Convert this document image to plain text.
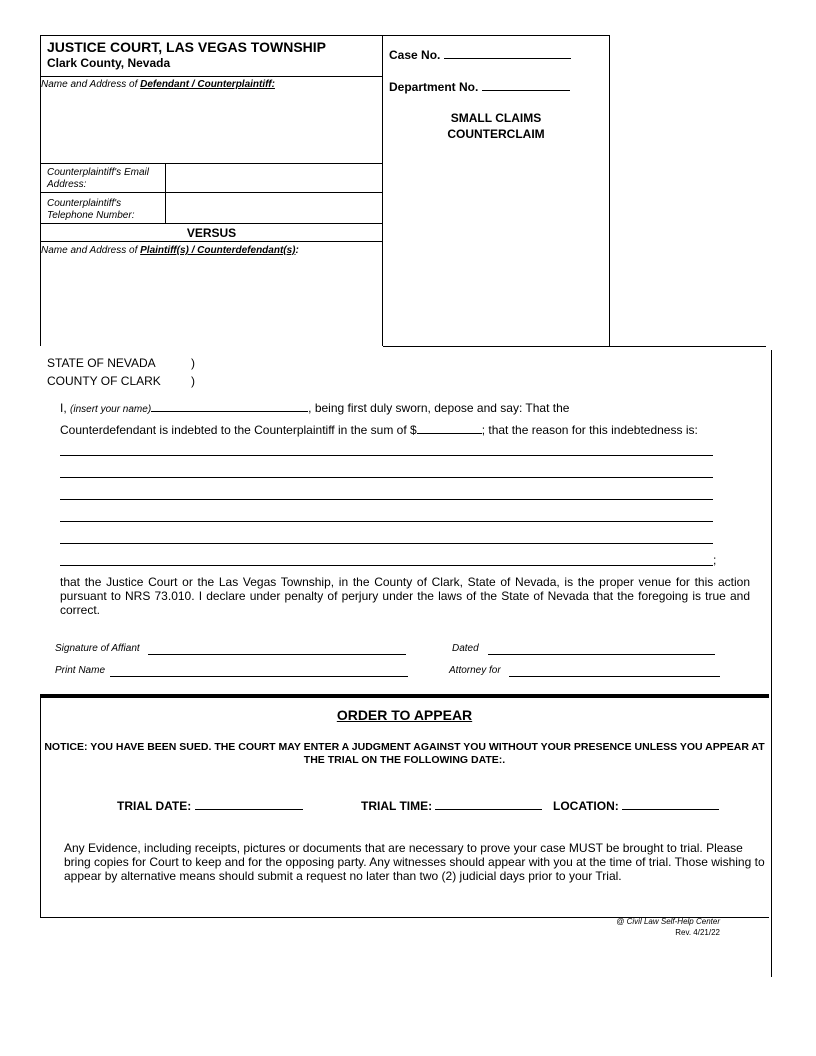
JUSTICE COURT, LAS VEGAS TOWNSHIP
Clark County, Nevada
Name and Address of Defendant / Counterplaintiff:
Counterplaintiff's Email Address:
Counterplaintiff's Telephone Number:
VERSUS
Name and Address of Plaintiff(s) / Counterdefendant(s):
Case No.
Department No.
SMALL CLAIMS
COUNTERCLAIM
STATE OF NEVADA	)
COUNTY OF CLARK	)
I, (insert your name)	, being first duly sworn, depose and say: That the
Counterdefendant is indebted to the Counterplaintiff in the sum of $	; that the reason for this indebtedness is:
;
that the Justice Court or the Las Vegas Township, in the County of Clark, State of Nevada, is the proper venue for this action pursuant to NRS 73.010. I declare under penalty of perjury under the laws of the State of Nevada that the foregoing is true and correct.
Signature of Affiant	Dated
Print Name	Attorney for
ORDER TO APPEAR
NOTICE: YOU HAVE BEEN SUED. THE COURT MAY ENTER A JUDGMENT AGAINST YOU WITHOUT YOUR PRESENCE UNLESS YOU APPEAR AT THE TRIAL ON THE FOLLOWING DATE:.
TRIAL DATE:	TRIAL TIME:	LOCATION:
Any Evidence, including receipts, pictures or documents that are necessary to prove your case MUST be brought to trial. Please bring copies for Court to keep and for the opposing party. Any witnesses should appear with you at the time of trial. Those wishing to appear by alternative means should submit a request no later than two (2) judicial days prior to your Trial.
@ Civil Law Self-Help Center
Rev. 4/21/22
